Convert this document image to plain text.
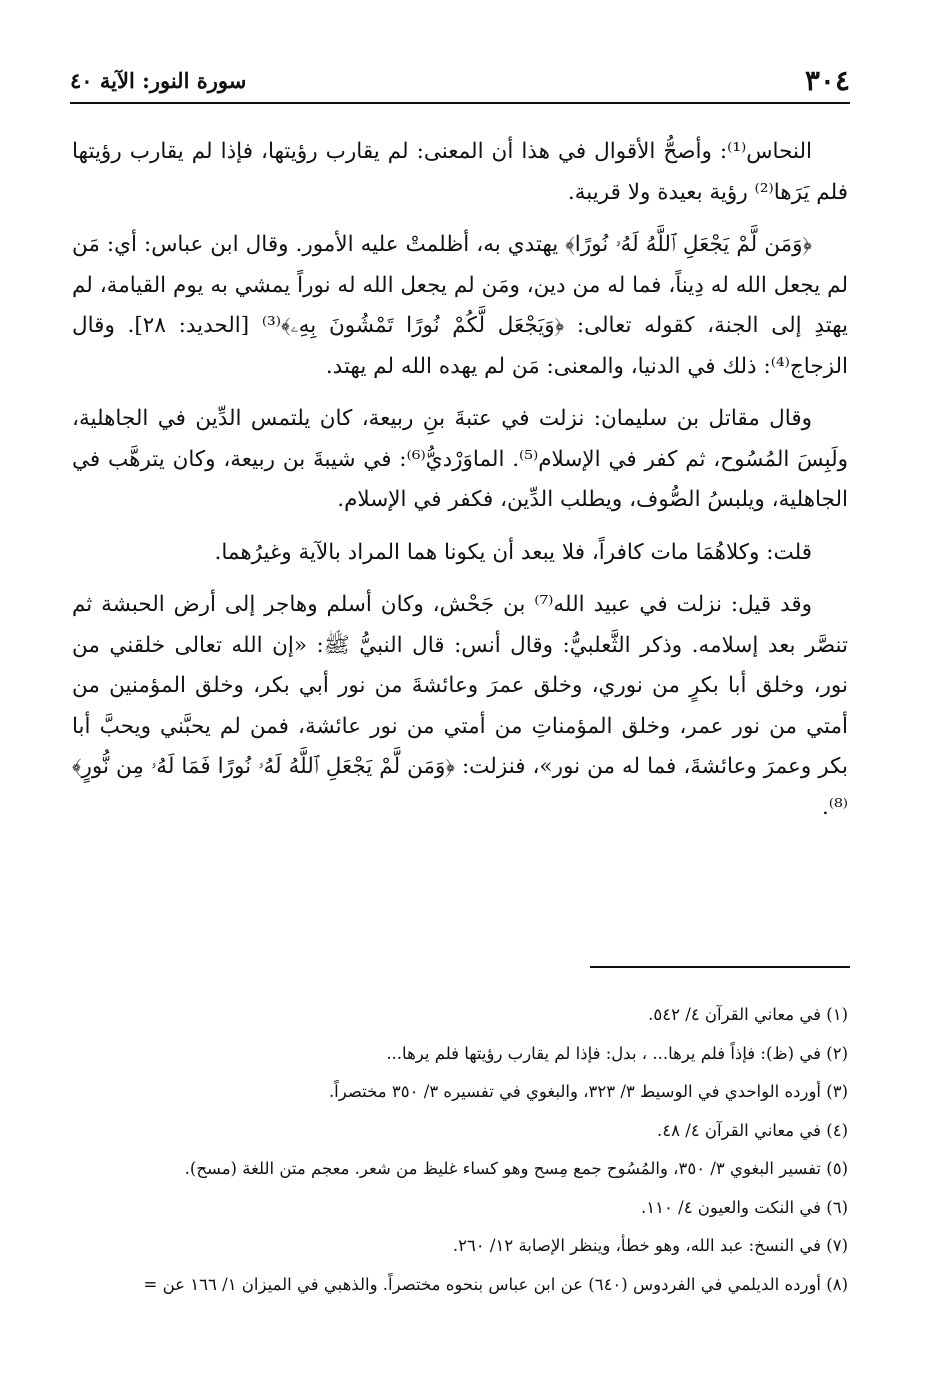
٣٠٤
سورة النور: الآية ٤٠

النحاس⁽¹⁾: وأصحُّ الأقوال في هذا أن المعنى: لم يقارب رؤيتها، فإذا لم يقارب رؤيتها فلم يَرَها⁽²⁾ رؤية بعيدة ولا قريبة.

﴿وَمَن لَّمْ يَجْعَلِ ٱللَّهُ لَهُۥ نُورًا﴾ يهتدي به، أظلمتْ عليه الأمور. وقال ابن عباس: أي: مَن لم يجعل الله له دِيناً، فما له من دين، ومَن لم يجعل الله له نوراً يمشي به يوم القيامة، لم يهتدِ إلى الجنة، كقوله تعالى: ﴿وَيَجْعَل لَّكُمْ نُورًا تَمْشُونَ بِهِۦ﴾⁽³⁾ [الحديد: ٢٨]. وقال الزجاج⁽⁴⁾: ذلك في الدنيا، والمعنى: مَن لم يهده الله لم يهتد.

وقال مقاتل بن سليمان: نزلت في عتبةَ بنِ ربيعة، كان يلتمس الدِّين في الجاهلية، ولَبِسَ المُسُوح، ثم كفر في الإسلام⁽⁵⁾. الماوَرْديُّ⁽⁶⁾: في شيبةَ بن ربيعة، وكان يترهَّب في الجاهلية، ويلبسُ الصُّوف، ويطلب الدِّين، فكفر في الإسلام.

قلت: وكلاهُمَا مات كافراً، فلا يبعد أن يكونا هما المراد بالآية وغيرُهما.

وقد قيل: نزلت في عبيد الله⁽⁷⁾ بن جَحْش، وكان أسلم وهاجر إلى أرض الحبشة ثم تنصَّر بعد إسلامه. وذكر الثَّعلبيُّ: وقال أنس: قال النبيُّ ﷺ: «إن الله تعالى خلقني من نور، وخلق أبا بكرٍ من نوري، وخلق عمرَ وعائشةَ من نور أبي بكر، وخلق المؤمنين من أمتي من نور عمر، وخلق المؤمناتِ من أمتي من نور عائشة، فمن لم يحبَّني ويحبَّ أبا بكر وعمرَ وعائشةَ، فما له من نور»، فنزلت: ﴿وَمَن لَّمْ يَجْعَلِ ٱللَّهُ لَهُۥ نُورًا فَمَا لَهُۥ مِن نُّورٍ﴾⁽⁸⁾.

(١) في معاني القرآن ٤/ ٥٤٢.
(٢) في (ظ): فإذاً فلم يرها... ، بدل: فإذا لم يقارب رؤيتها فلم يرها...
(٣) أورده الواحدي في الوسيط ٣/ ٣٢٣، والبغوي في تفسيره ٣/ ٣٥٠ مختصراً.
(٤) في معاني القرآن ٤/ ٤٨.
(٥) تفسير البغوي ٣/ ٣٥٠، والمُسُوح جمع مِسح وهو كساء غليظ من شعر. معجم متن اللغة (مسح).
(٦) في النكت والعيون ٤/ ١١٠.
(٧) في النسخ: عبد الله، وهو خطأ، وينظر الإصابة ١٢/ ٢٦٠.
(٨) أورده الديلمي في الفردوس (٦٤٠) عن ابن عباس بنحوه مختصراً. والذهبي في الميزان ١/ ١٦٦ عن =
